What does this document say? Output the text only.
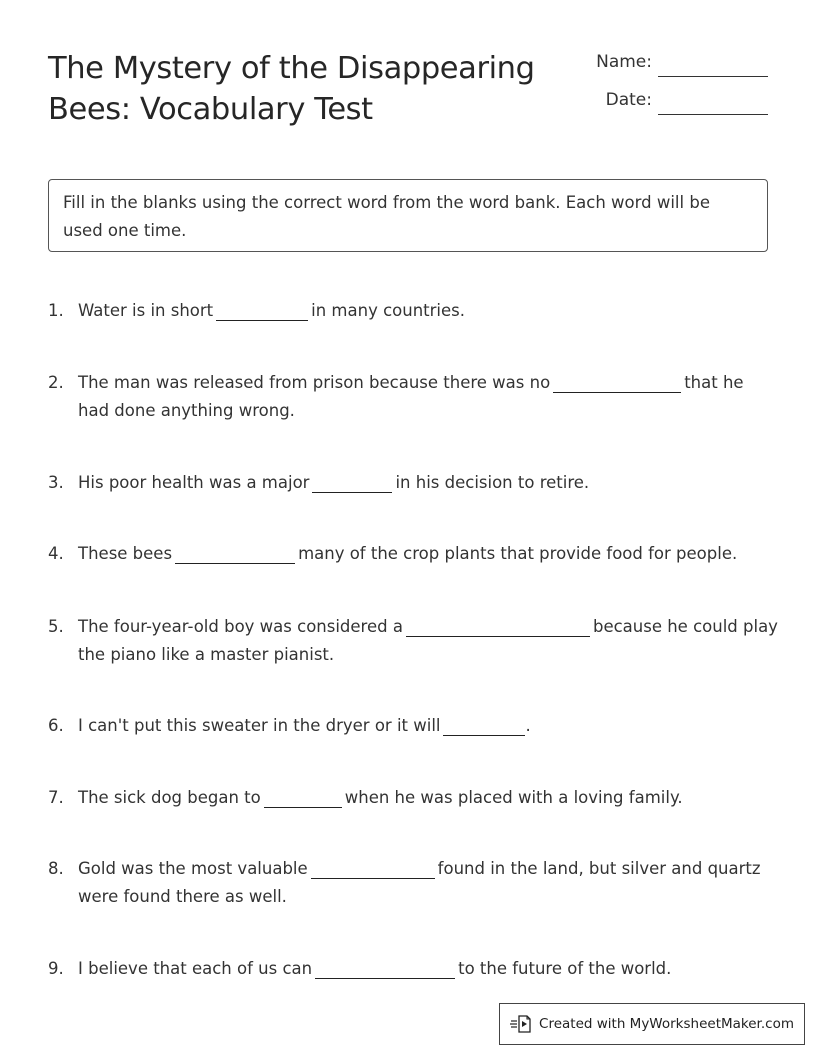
The Mystery of the Disappearing Bees: Vocabulary Test
Name:
Date:
Fill in the blanks using the correct word from the word bank. Each word will be used one time.
1. Water is in short	in many countries.
2. The man was released from prison because there was no	that he had done anything wrong.
3. His poor health was a major	in his decision to retire.
4. These bees	many of the crop plants that provide food for people.
5. The four-year-old boy was considered a	because he could play the piano like a master pianist.
6. I can't put this sweater in the dryer or it will	.
7. The sick dog began to	when he was placed with a loving family.
8. Gold was the most valuable	found in the land, but silver and quartz were found there as well.
9. I believe that each of us can	to the future of the world.
Created with MyWorksheetMaker.com
